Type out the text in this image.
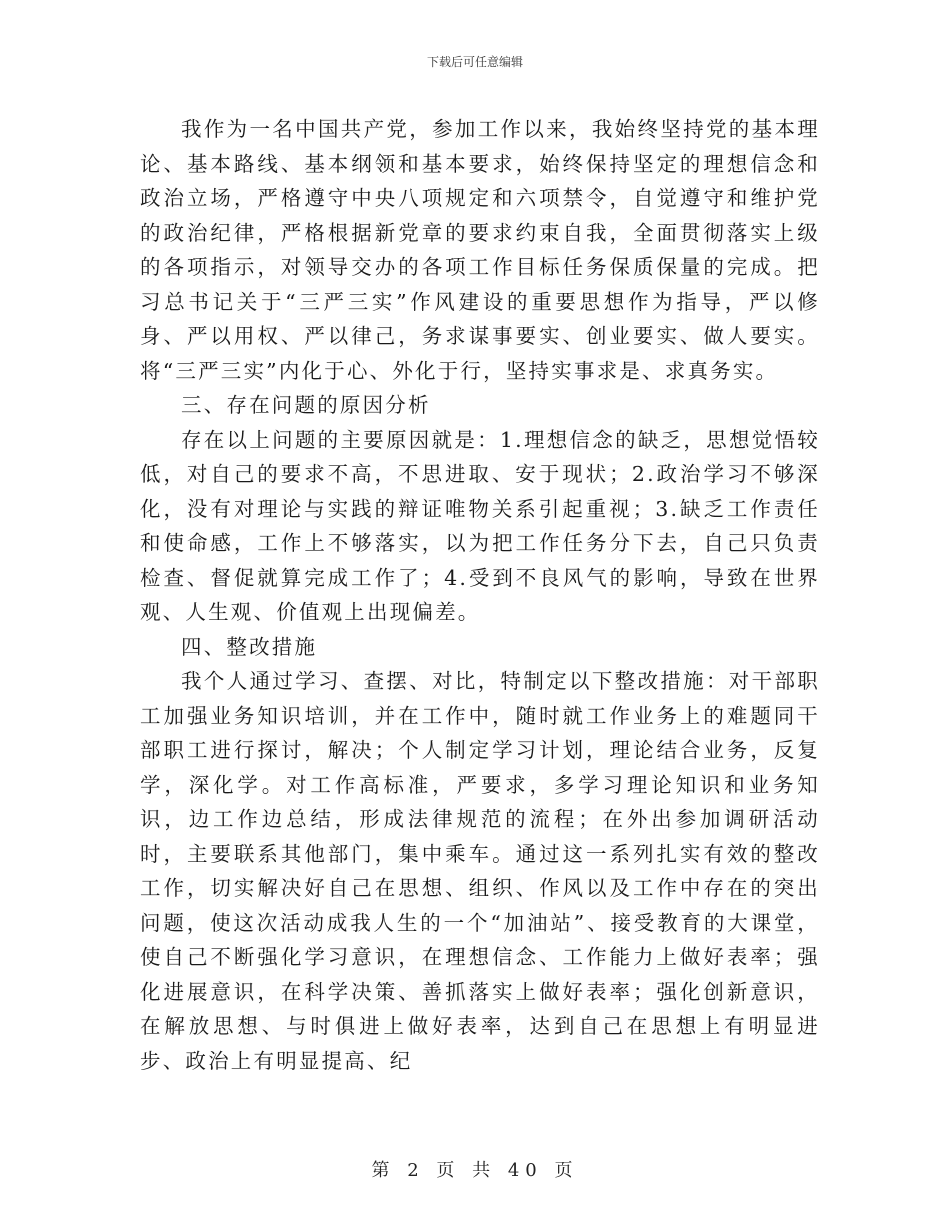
下载后可任意编辑

我作为一名中国共产党，参加工作以来，我始终坚持党的基本理论、基本路线、基本纲领和基本要求，始终保持坚定的理想信念和政治立场，严格遵守中央八项规定和六项禁令，自觉遵守和维护党的政治纪律，严格根据新党章的要求约束自我，全面贯彻落实上级的各项指示，对领导交办的各项工作目标任务保质保量的完成。把习总书记关于“三严三实”作风建设的重要思想作为指导，严以修身、严以用权、严以律己，务求谋事要实、创业要实、做人要实。将“三严三实”内化于心、外化于行，坚持实事求是、求真务实。

三、存在问题的原因分析

存在以上问题的主要原因就是：1.理想信念的缺乏，思想觉悟较低，对自己的要求不高，不思进取、安于现状；2.政治学习不够深化，没有对理论与实践的辩证唯物关系引起重视；3.缺乏工作责任和使命感，工作上不够落实，以为把工作任务分下去，自己只负责检查、督促就算完成工作了；4.受到不良风气的影响，导致在世界观、人生观、价值观上出现偏差。

四、整改措施

我个人通过学习、查摆、对比，特制定以下整改措施：对干部职工加强业务知识培训，并在工作中，随时就工作业务上的难题同干部职工进行探讨，解决；个人制定学习计划，理论结合业务，反复学，深化学。对工作高标准，严要求，多学习理论知识和业务知识，边工作边总结，形成法律规范的流程；在外出参加调研活动时，主要联系其他部门，集中乘车。通过这一系列扎实有效的整改工作，切实解决好自己在思想、组织、作风以及工作中存在的突出问题，使这次活动成我人生的一个“加油站”、接受教育的大课堂，使自己不断强化学习意识，在理想信念、工作能力上做好表率；强化进展意识，在科学决策、善抓落实上做好表率；强化创新意识，在解放思想、与时俱进上做好表率，达到自己在思想上有明显进步、政治上有明显提高、纪

第 2 页 共 40 页
